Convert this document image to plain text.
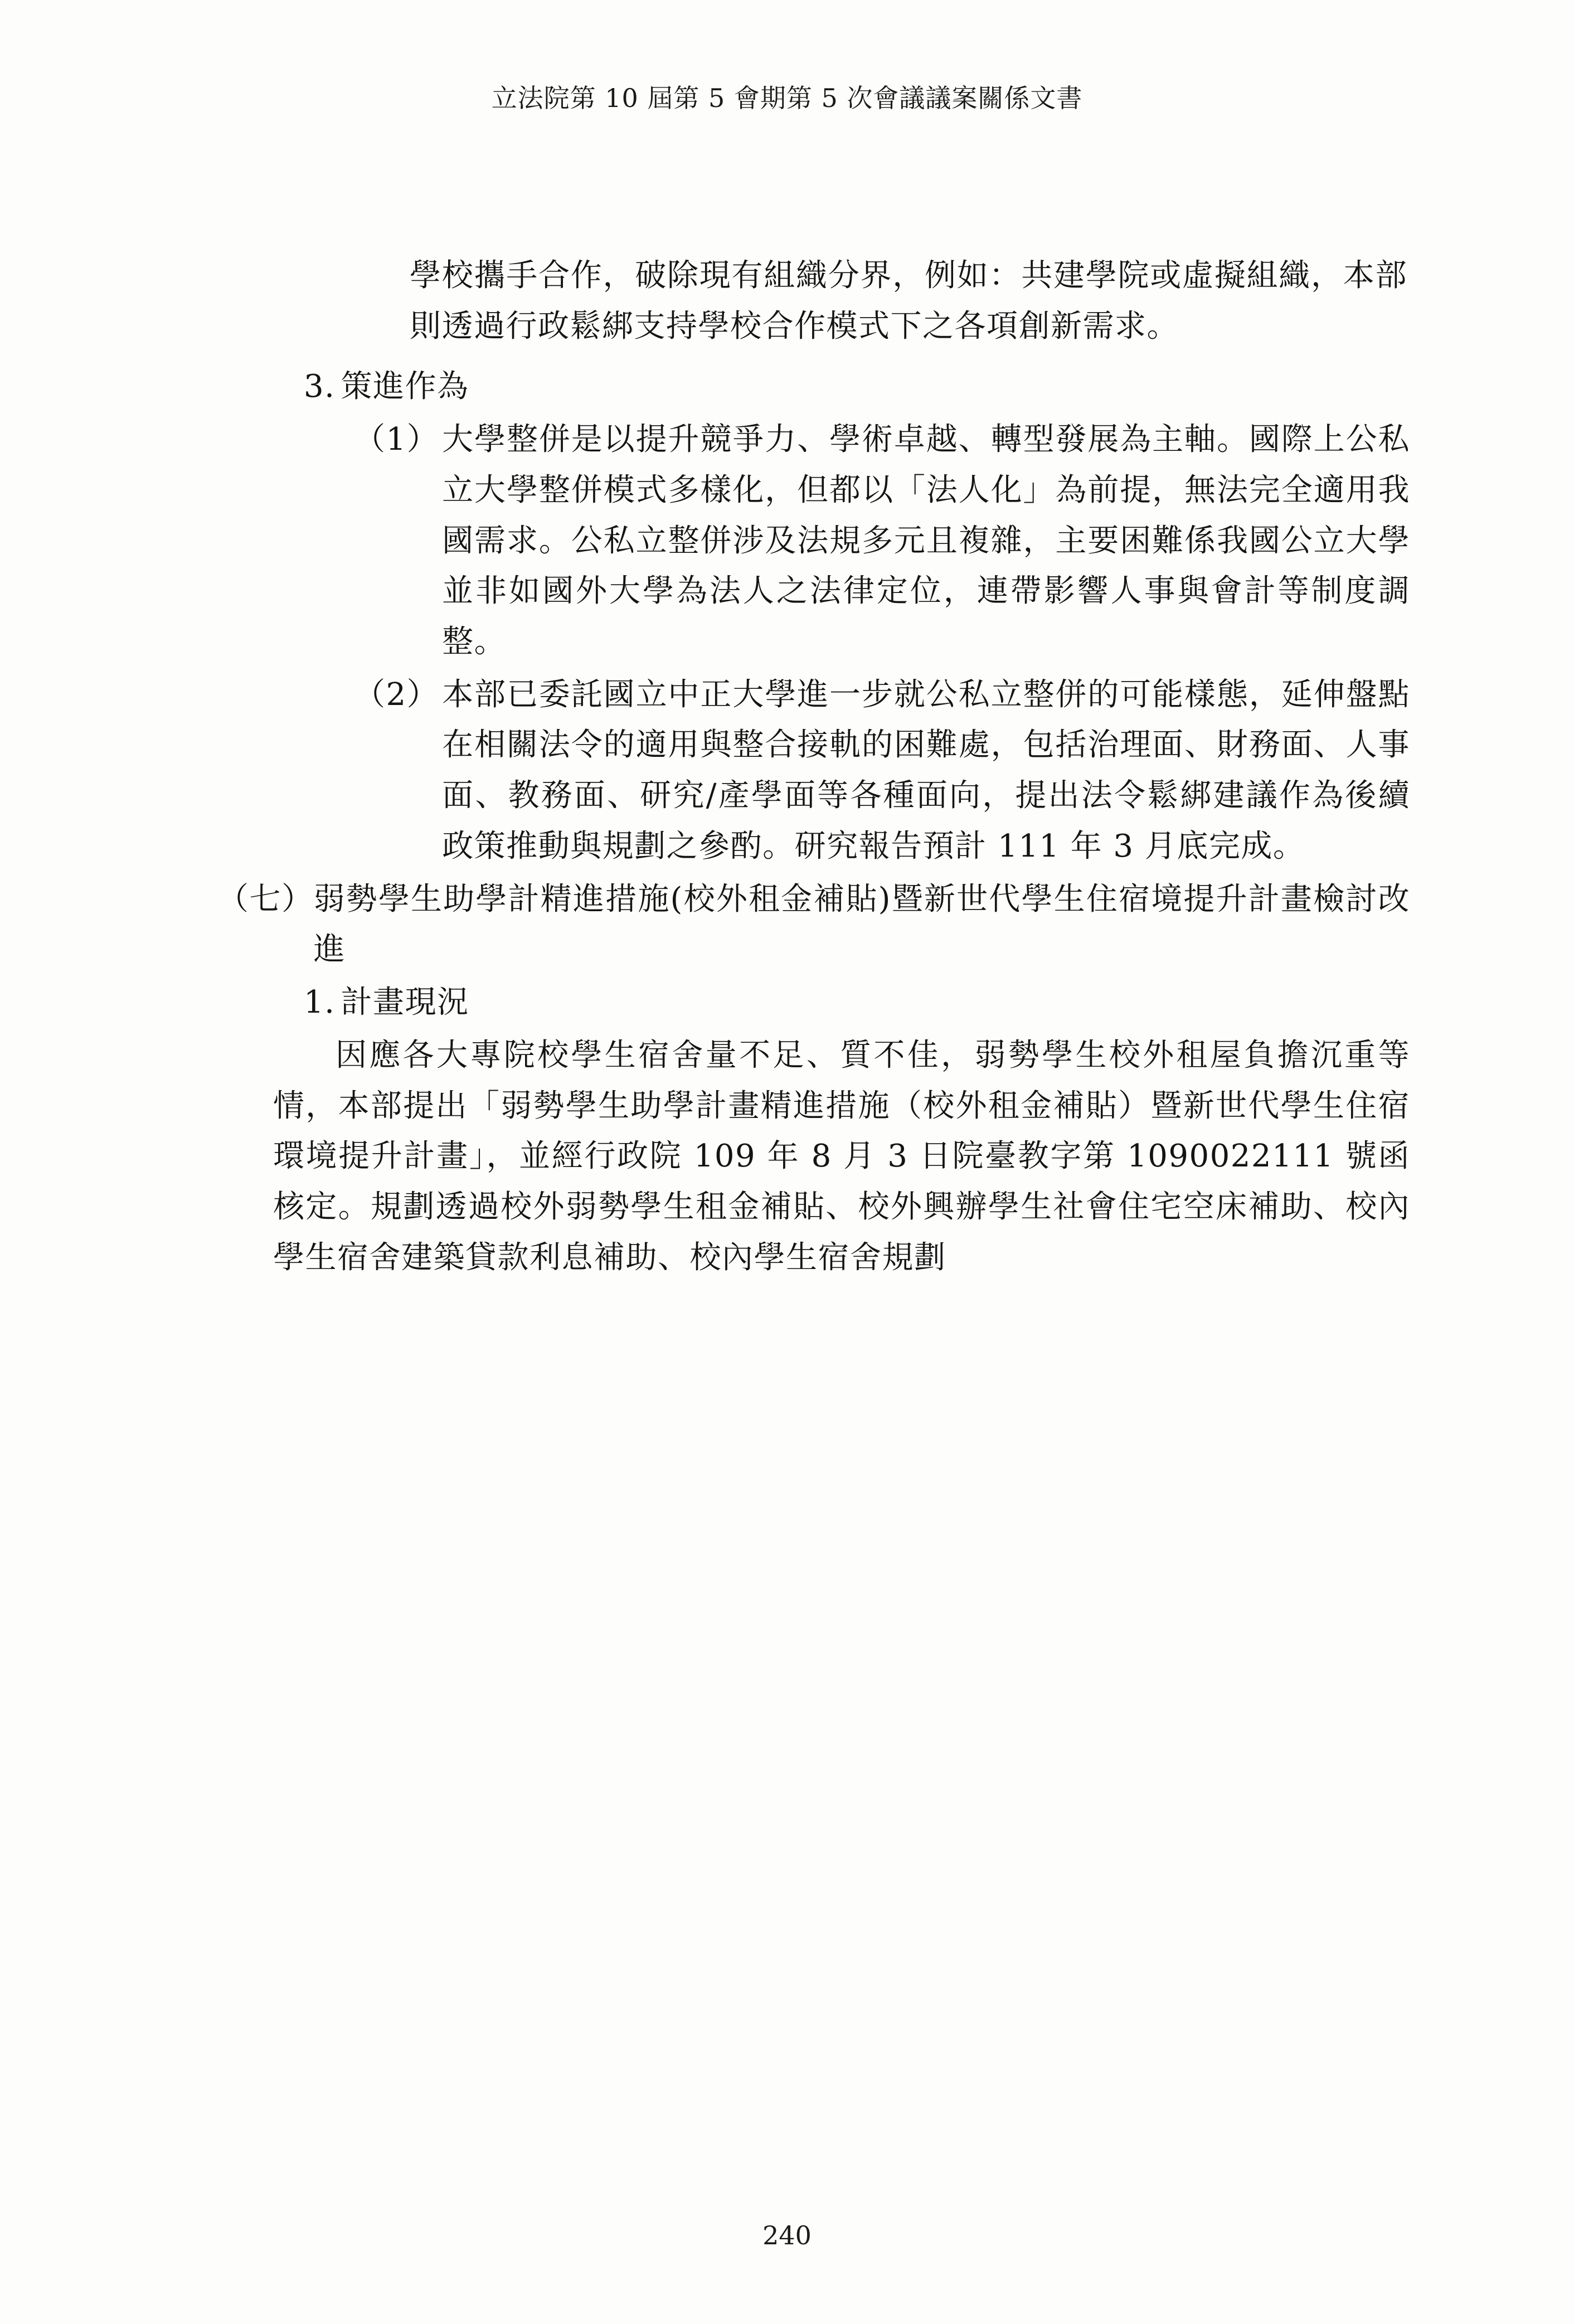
立法院第 10 屆第 5 會期第 5 次會議議案關係文書

學校攜手合作，破除現有組織分界，例如：共建學院或虛擬組織，本部則透過行政鬆綁支持學校合作模式下之各項創新需求。

3. 策進作為
（1） 大學整併是以提升競爭力、學術卓越、轉型發展為主軸。國際上公私立大學整併模式多樣化，但都以「法人化」為前提，無法完全適用我國需求。公私立整併涉及法規多元且複雜，主要困難係我國公立大學並非如國外大學為法人之法律定位，連帶影響人事與會計等制度調整。
（2） 本部已委託國立中正大學進一步就公私立整併的可能樣態，延伸盤點在相關法令的適用與整合接軌的困難處，包括治理面、財務面、人事面、教務面、研究/產學面等各種面向，提出法令鬆綁建議作為後續政策推動與規劃之參酌。研究報告預計 111 年 3 月底完成。
（七） 弱勢學生助學計精進措施(校外租金補貼)暨新世代學生住宿境提升計畫檢討改進
1. 計畫現況

因應各大專院校學生宿舍量不足、質不佳，弱勢學生校外租屋負擔沉重等情，本部提出「弱勢學生助學計畫精進措施（校外租金補貼）暨新世代學生住宿環境提升計畫」，並經行政院 109 年 8 月 3 日院臺教字第 1090022111 號函核定。規劃透過校外弱勢學生租金補貼、校外興辦學生社會住宅空床補助、校內學生宿舍建築貸款利息補助、校內學生宿舍規劃

240
